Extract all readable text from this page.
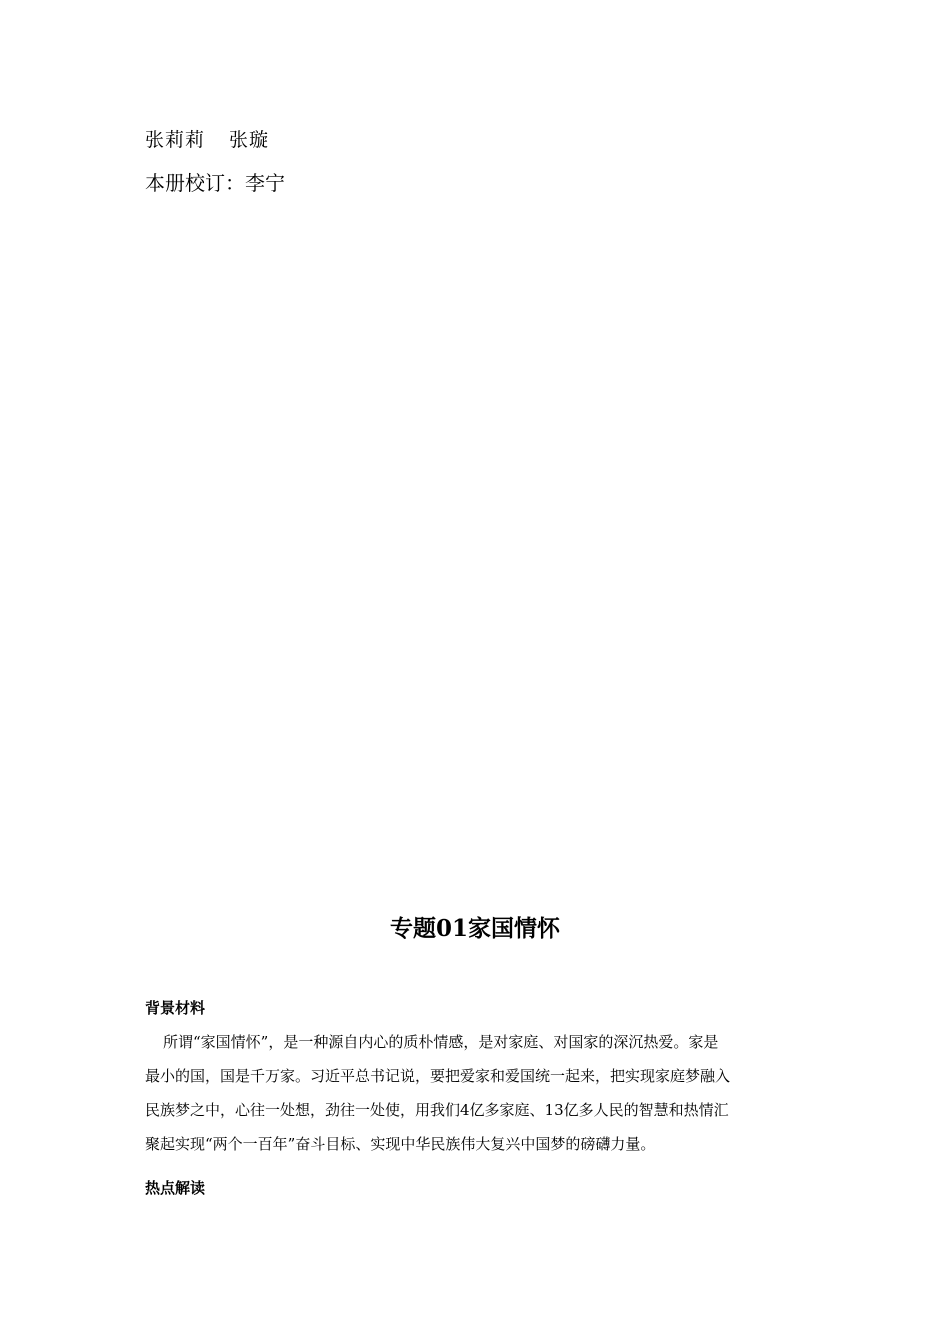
张莉莉 张璇
本册校订：李宁
专题01家国情怀
背景材料
所谓“家国情怀”，是一种源自内心的质朴情感，是对家庭、对国家的深沉热爱。家是
最小的国，国是千万家。习近平总书记说，要把爱家和爱国统一起来，把实现家庭梦融入
民族梦之中，心往一处想，劲往一处使，用我们4亿多家庭、13亿多人民的智慧和热情汇
聚起实现“两个一百年”奋斗目标、实现中华民族伟大复兴中国梦的磅礴力量。
热点解读
